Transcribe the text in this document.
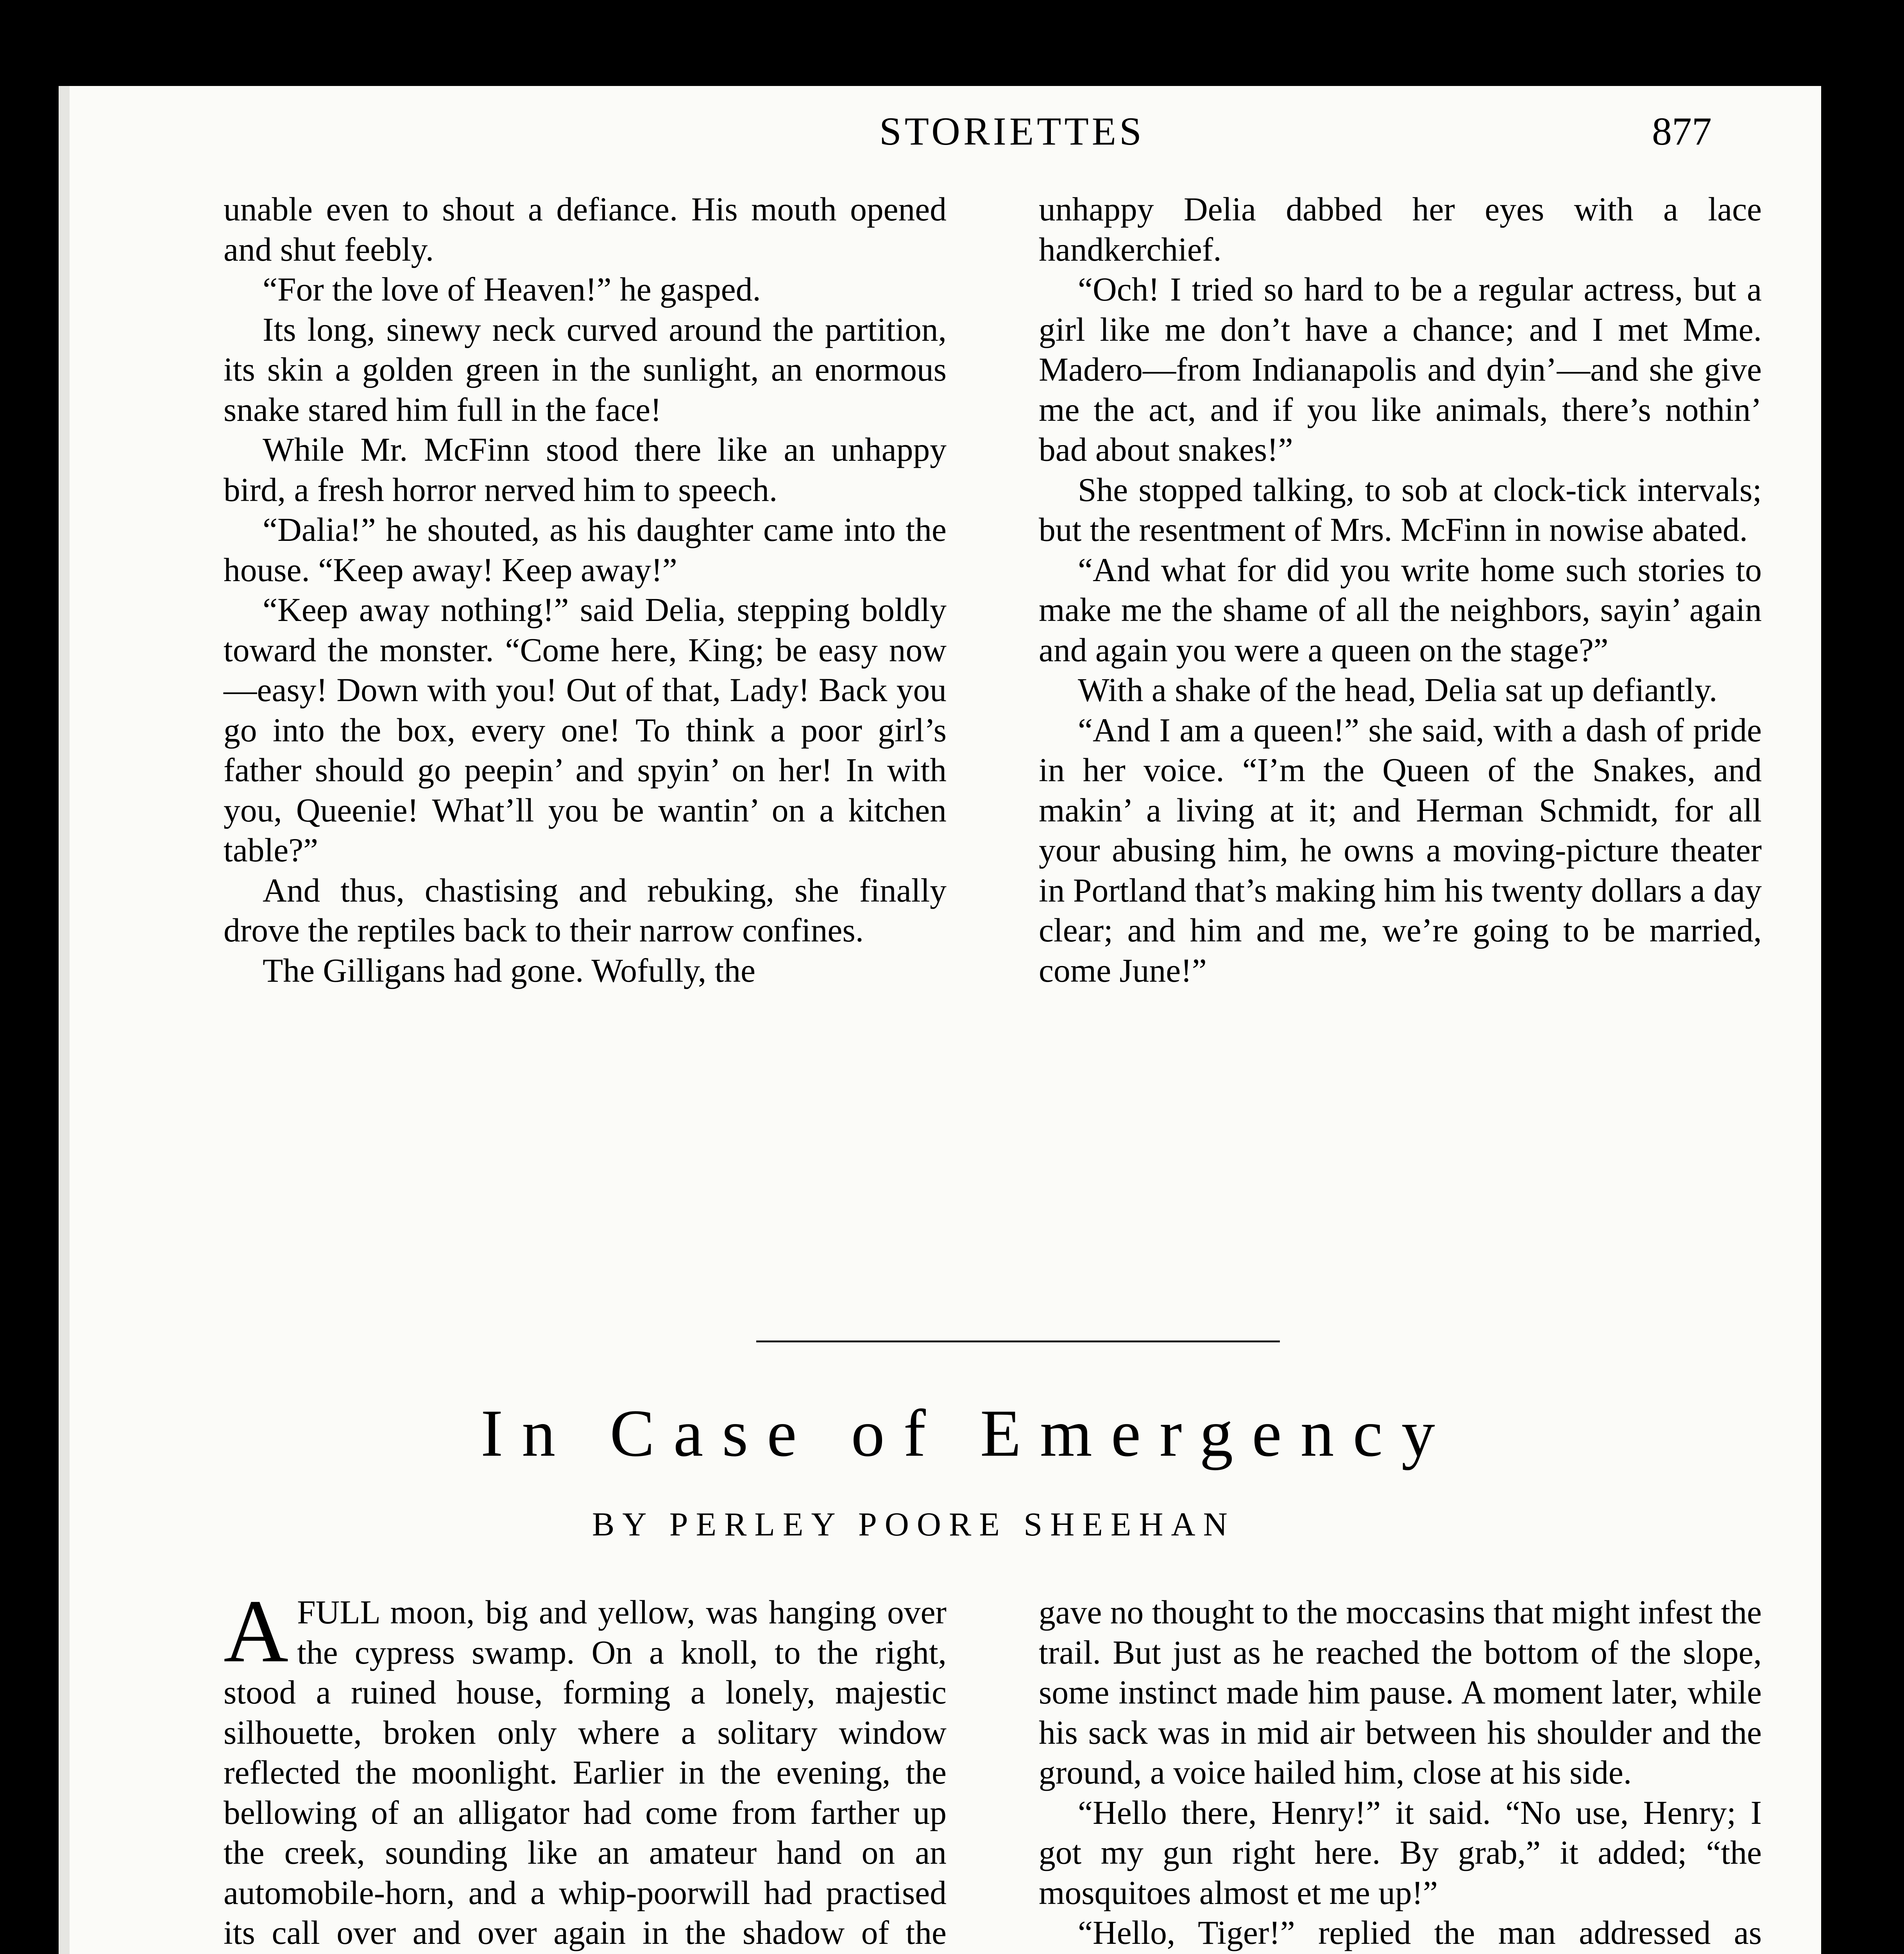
STORIETTES	877

unable even to shout a defiance. His mouth opened and shut feebly.

“For the love of Heaven!” he gasped.

Its long, sinewy neck curved around the partition, its skin a golden green in the sunlight, an enormous snake stared him full in the face!

While Mr. McFinn stood there like an unhappy bird, a fresh horror nerved him to speech.

“Dalia!” he shouted, as his daughter came into the house. “Keep away! Keep away!”

“Keep away nothing!” said Delia, stepping boldly toward the monster. “Come here, King; be easy now—easy! Down with you! Out of that, Lady! Back you go into the box, every one! To think a poor girl’s father should go peepin’ and spyin’ on her! In with you, Queenie! What’ll you be wantin’ on a kitchen table?”

And thus, chastising and rebuking, she finally drove the reptiles back to their narrow confines.

The Gilligans had gone. Wofully, the

unhappy Delia dabbed her eyes with a lace handkerchief.

“Och! I tried so hard to be a regular actress, but a girl like me don’t have a chance; and I met Mme. Madero—from Indianapolis and dyin’—and she give me the act, and if you like animals, there’s nothin’ bad about snakes!”

She stopped talking, to sob at clock-tick intervals; but the resentment of Mrs. McFinn in nowise abated.

“And what for did you write home such stories to make me the shame of all the neighbors, sayin’ again and again you were a queen on the stage?”

With a shake of the head, Delia sat up defiantly.

“And I am a queen!” she said, with a dash of pride in her voice. “I’m the Queen of the Snakes, and makin’ a living at it; and Herman Schmidt, for all your abusing him, he owns a moving-picture theater in Portland that’s making him his twenty dollars a day clear; and him and me, we’re going to be married, come June!”

In Case of Emergency
BY PERLEY POORE SHEEHAN

A FULL moon, big and yellow, was hanging over the cypress swamp. On a knoll, to the right, stood a ruined house, forming a lonely, majestic silhouette, broken only where a solitary window reflected the moonlight. Earlier in the evening, the bellowing of an alligator had come from farther up the creek, sounding like an amateur hand on an automobile-horn, and a whip-poorwill had practised its call over and over again in the shadow of the

gave no thought to the moccasins that might infest the trail. But just as he reached the bottom of the slope, some instinct made him pause. A moment later, while his sack was in mid air between his shoulder and the ground, a voice hailed him, close at his side.

“Hello there, Henry!” it said. “No use, Henry; I got my gun right here. By grab,” it added; “the mosquitoes almost et me up!”

“Hello, Tiger!” replied the man addressed as
